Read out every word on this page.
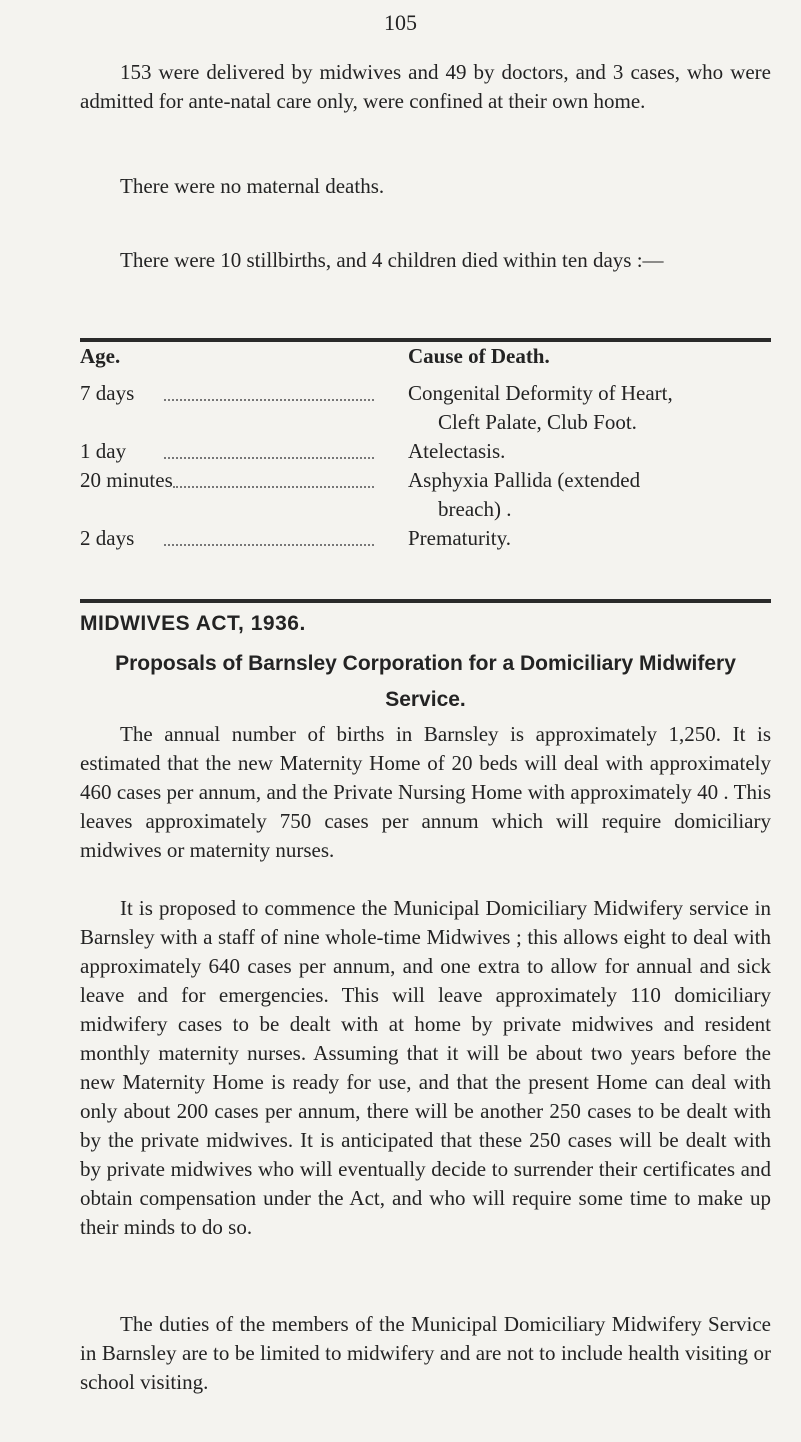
105

153 were delivered by midwives and 49 by doctors, and 3 cases, who were admitted for ante-natal care only, were confined at their own home.

There were no maternal deaths.

There were 10 stillbirths, and 4 children died within ten days :—

Age.	Cause of Death.
7 days	Congenital Deformity of Heart,
Cleft Palate, Club Foot.
1 day	Atelectasis.
20 minutes	Asphyxia Pallida (extended
breach) .
2 days	Prematurity.
MIDWIVES ACT, 1936.
Proposals of Barnsley Corporation for a Domiciliary Midwifery Service.

The annual number of births in Barnsley is approximately 1,250. It is estimated that the new Maternity Home of 20 beds will deal with approximately 460 cases per annum, and the Private Nursing Home with approximately 40 . This leaves approximately 750 cases per annum which will require domiciliary midwives or maternity nurses.

It is proposed to commence the Municipal Domiciliary Midwifery service in Barnsley with a staff of nine whole-time Midwives ; this allows eight to deal with approximately 640 cases per annum, and one extra to allow for annual and sick leave and for emergencies. This will leave approximately 110 domiciliary midwifery cases to be dealt with at home by private midwives and resident monthly maternity nurses. Assuming that it will be about two years before the new Maternity Home is ready for use, and that the present Home can deal with only about 200 cases per annum, there will be another 250 cases to be dealt with by the private midwives. It is anticipated that these 250 cases will be dealt with by private midwives who will eventually decide to surrender their certificates and obtain compensation under the Act, and who will require some time to make up their minds to do so.

The duties of the members of the Municipal Domiciliary Midwifery Service in Barnsley are to be limited to midwifery and are not to include health visiting or school visiting.
